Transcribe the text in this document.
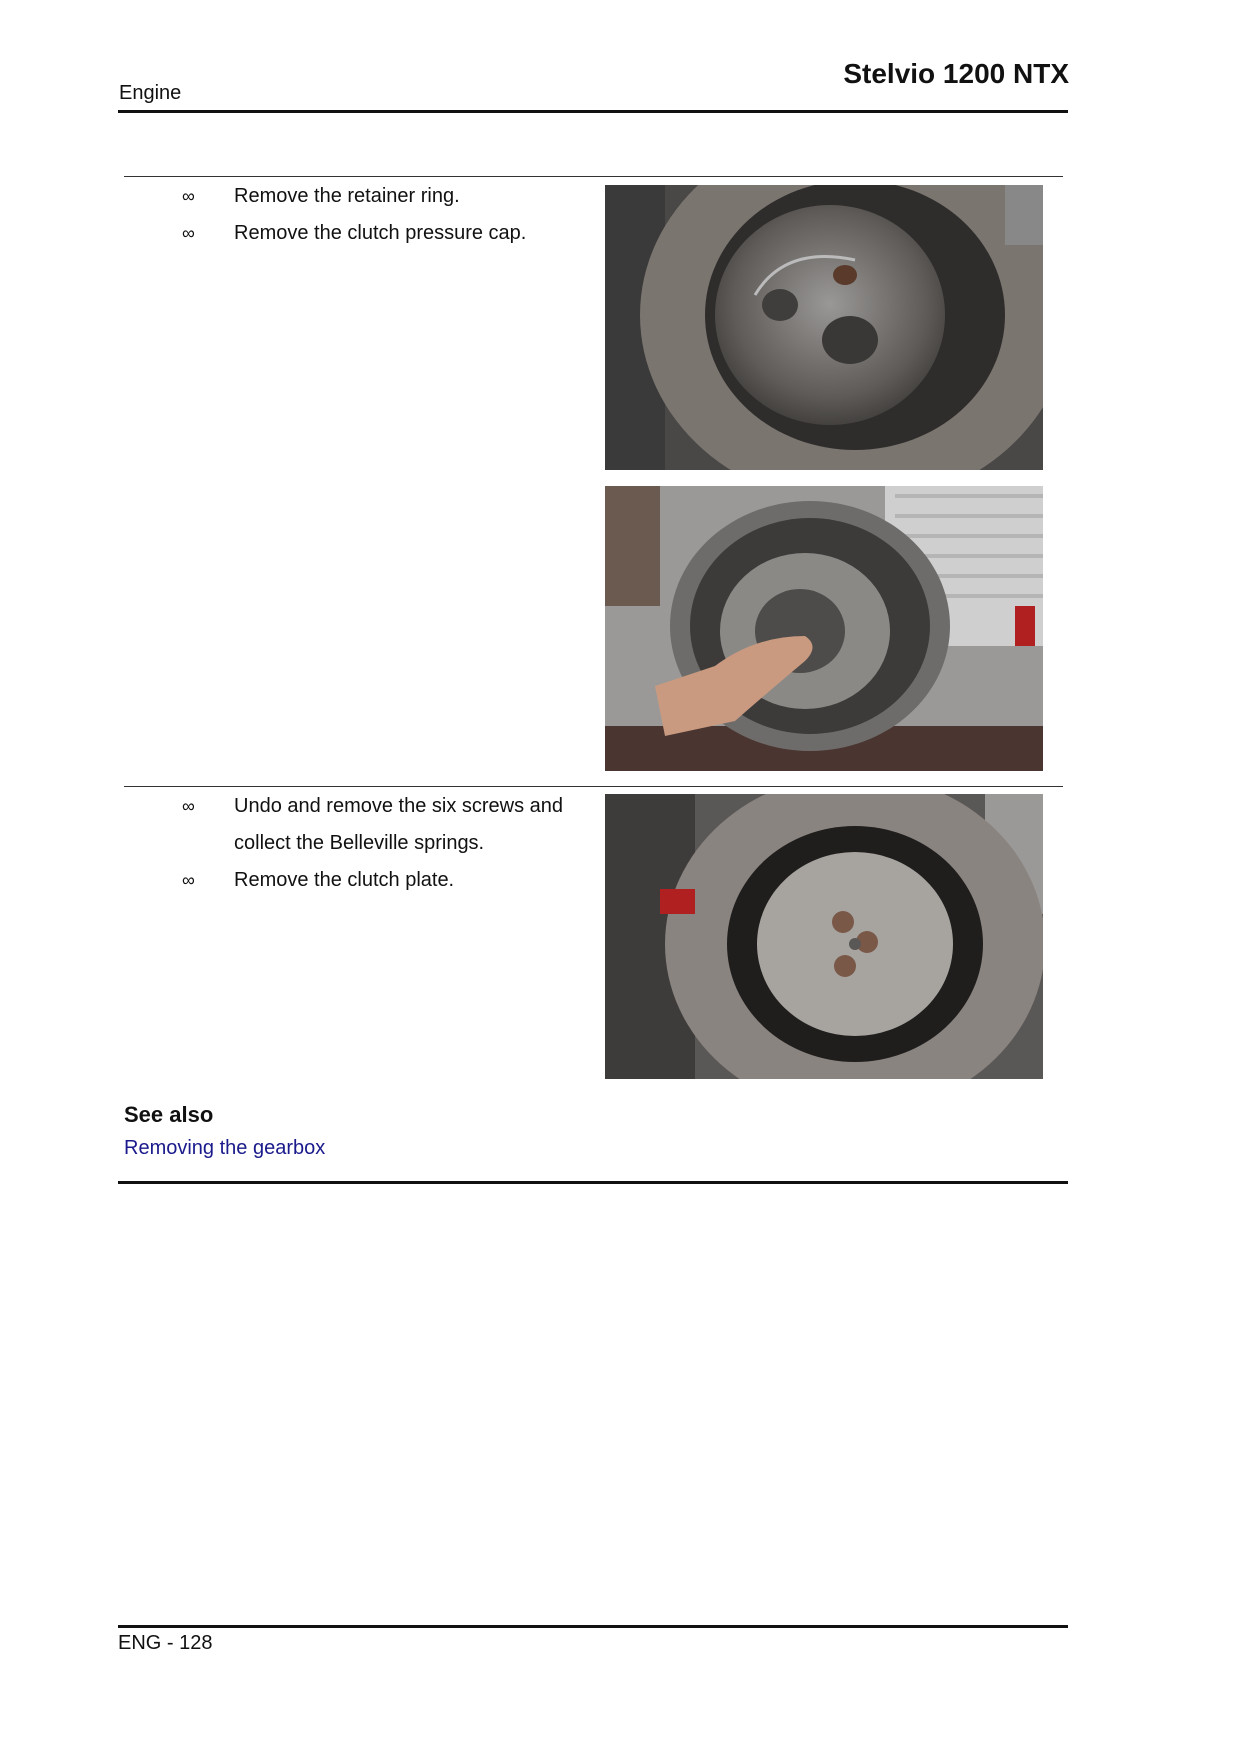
Engine
Stelvio 1200 NTX
∞ Remove the retainer ring.
∞ Remove the clutch pressure cap.
∞ Undo and remove the six screws and collect the Belleville springs.
∞ Remove the clutch plate.
See also
Removing the gearbox
ENG - 128
